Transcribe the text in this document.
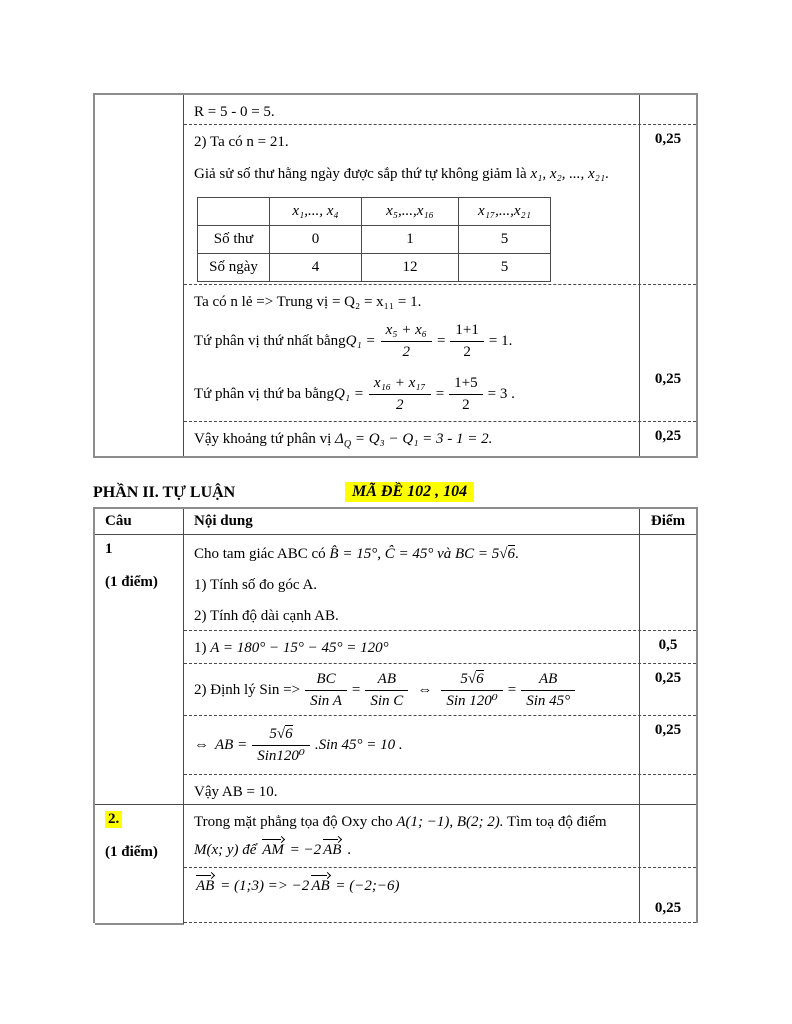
R = 5 - 0 = 5.

2) Ta có n = 21.

Giả sử số thư hằng ngày được sắp thứ tự không giảm là x₁, x₂, ..., x₂₁.

	x₁,..., x₄	x₅,...,x₁₆	x₁₇,...,x₂₁
Số thư	0	1	5
Số ngày	4	12	5
0,25

Ta có n lẻ => Trung vị = Q₂ = x₁₁ = 1.

Tứ phân vị thứ nhất bằng $Q_1 = \frac{\text{x₅ + x₆}}{2} = \frac{1+1}{2} = 1$.
Tứ phân vị thứ ba bằng $Q_1 = \frac{\text{x₁₆ + x₁₇}}{2} = \frac{1+5}{2} = 3$ .
0,25

Vậy khoảng tứ phân vị $\Delta_Q = Q_3 - Q_1 = 3 - 1 = 2$.	0,25
PHẦN II. TỰ LUẬN	MÃ ĐỀ 102 , 104
Câu	Nội dung	Điểm
1
(1 điểm)

Cho tam giác ABC có B̂ = 15°, Ĉ = 45° và BC = 5√6.

1) Tính số đo góc A.

2) Tính độ dài cạnh AB.

1) A = 180° − 15° − 45° = 120°	0,5
2) Định lý Sin => $\frac{BC}{\text{Sin A}} = \frac{AB}{\text{Sin C}}$ ⇔ $\frac{5√6}{\text{Sin 120⁰}} = \frac{AB}{\text{Sin 45°}}$	0,25
⇔ AB = $\frac{5√6}{\text{Sin120⁰}} .Sin$ 45° = 10 .
0,25

Vậy AB = 10.

2.
(1 điểm)

Trong mặt phẳng tọa độ Oxy cho A(1; −1), B(2; 2). Tìm toạ độ điểm

M(x; y) để AM = −2 AB .

AB = (1;3) => −2 AB = (−2;−6)

0,25
